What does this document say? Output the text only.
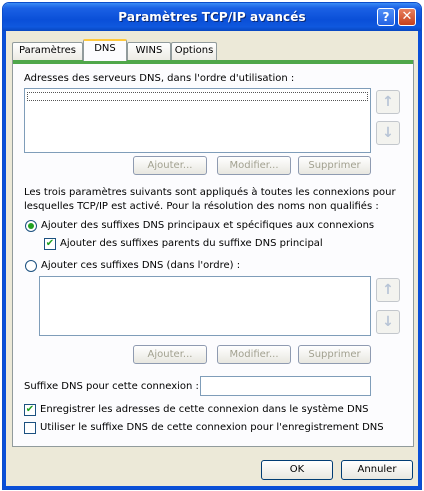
Paramètres TCP/IP avancés	? ✕
Paramètres	DNS	WINS	Options
Adresses des serveurs DNS, dans l'ordre d'utilisation :
↑
↓
Ajouter...	Modifier...	Supprimer
Les trois paramètres suivants sont appliqués à toutes les connexions pour
lesquelles TCP/IP est activé. Pour la résolution des noms non qualifiés :
Ajouter des suffixes DNS principaux et spécifiques aux connexions
✔ Ajouter des suffixes parents du suffixe DNS principal
Ajouter ces suffixes DNS (dans l'ordre) :
↑
↓
Ajouter...	Modifier...	Supprimer
Suffixe DNS pour cette connexion :
✔ Enregistrer les adresses de cette connexion dans le système DNS
Utiliser le suffixe DNS de cette connexion pour l'enregistrement DNS
OK	Annuler
